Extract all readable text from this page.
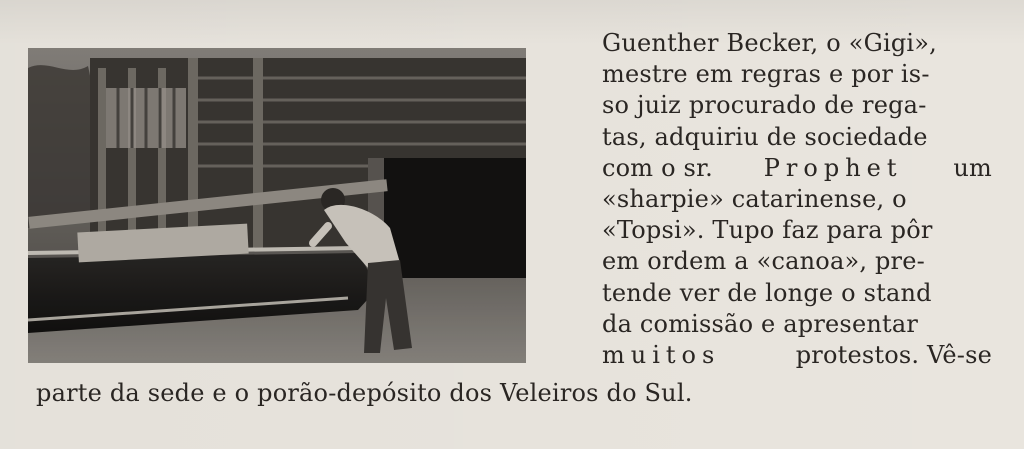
Guenther Becker, o «Gigi»,
mestre em regras e por is-
so juiz procurado de rega-
tas, adquiriu de sociedade
com o sr. Prophet um
«sharpie» catarinense, o
«Topsi». Tupo faz para pôr
em ordem a «canoa», pre-
tende ver de longe o stand
da comissão e apresentar
muitos	protestos. Vê-se
parte da sede e o porão-depósito dos Veleiros do Sul.
